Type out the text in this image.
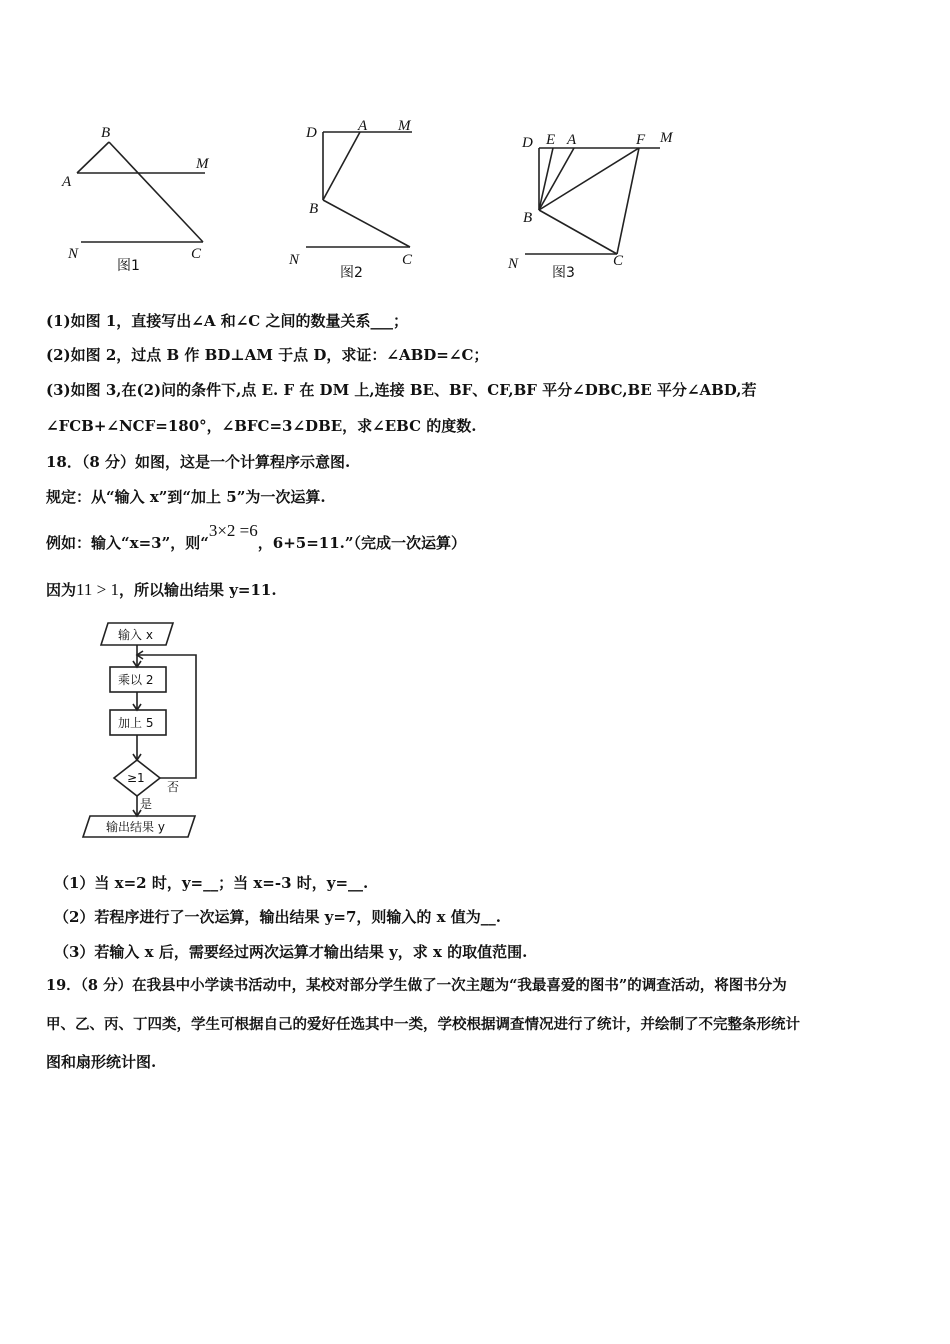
B
A
M
N	C
图1
D	A M
B
N	C
图2
D E A	F M
B
N	C
图3
(1)如图 1，直接写出∠A 和∠C 之间的数量关系___；
(2)如图 2，过点 B 作 BD⊥AM 于点 D，求证：∠ABD=∠C；
(3)如图 3,在(2)问的条件下,点 E. F 在 DM 上,连接 BE、BF、CF,BF 平分∠DBC,BE 平分∠ABD,若
∠FCB+∠NCF=180°，∠BFC=3∠DBE，求∠EBC 的度数.
18．（8 分）如图，这是一个计算程序示意图.
规定：从“输入 x”到“加上 5”为一次运算.
例如：输入“x=3”，则“3×2 =6，6+5=11.”（完成一次运算）
因为11 > 1，所以输出结果 y=11.
输入 x
乘以 2
加上 5
≥1
否
是
输出结果 y
（1）当 x=2 时，y=__；当 x=-3 时，y=__.
（2）若程序进行了一次运算，输出结果 y=7，则输入的 x 值为__.
（3）若输入 x 后，需要经过两次运算才输出结果 y，求 x 的取值范围.
19．（8 分）在我县中小学读书活动中，某校对部分学生做了一次主题为“我最喜爱的图书”的调查活动，将图书分为
甲、乙、丙、丁四类，学生可根据自己的爱好任选其中一类，学校根据调查情况进行了统计，并绘制了不完整条形统计
图和扇形统计图.
